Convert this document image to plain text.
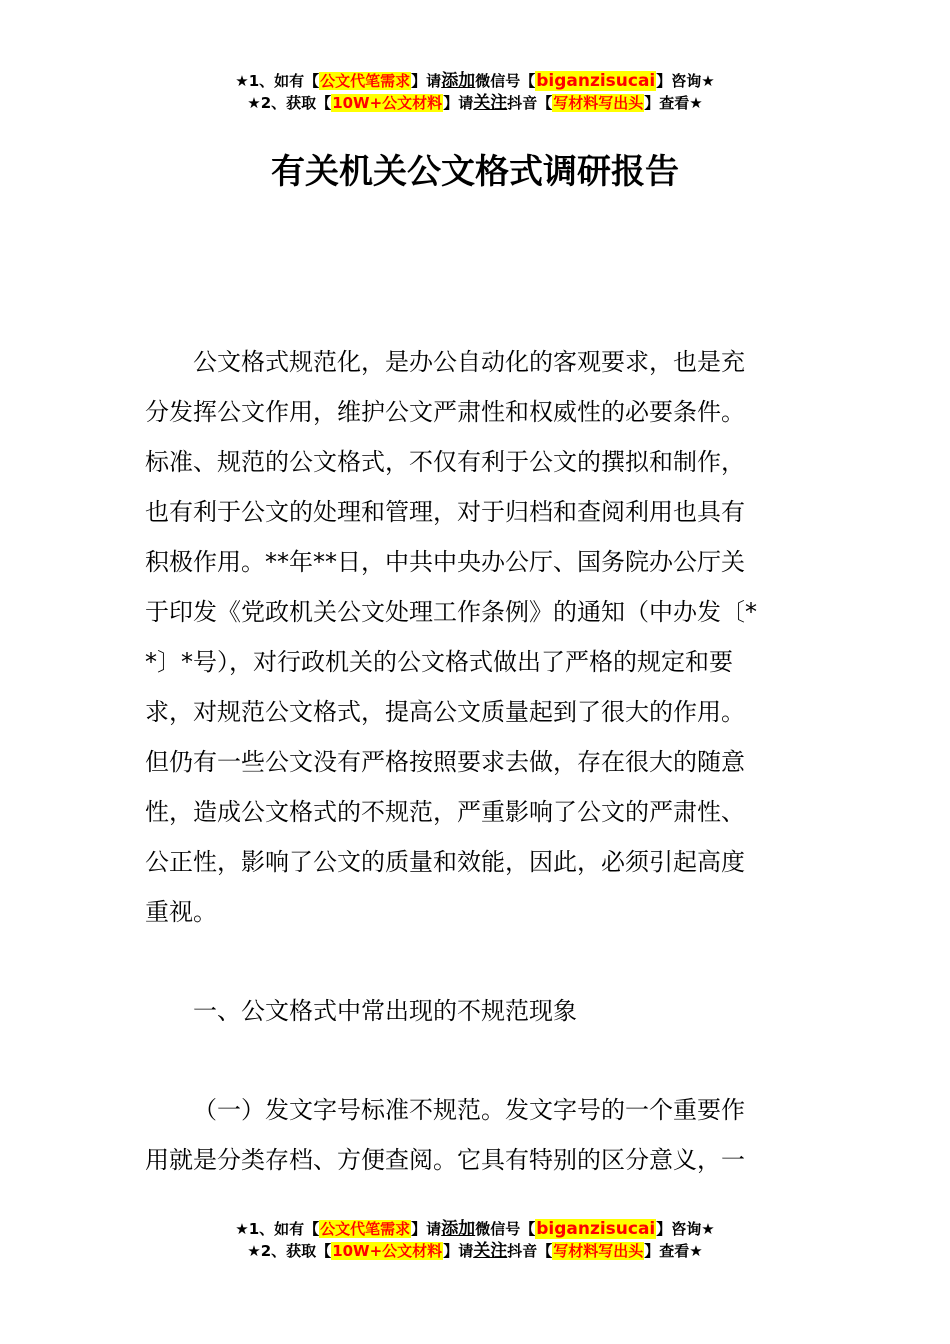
★1、如有【公文代笔需求】请添加微信号【biganzisucai】咨询★
★2、获取【10W+公文材料】请关注抖音【写材料写出头】查看★
有关机关公文格式调研报告
公文格式规范化，是办公自动化的客观要求，也是充
分发挥公文作用，维护公文严肃性和权威性的必要条件。
标准、规范的公文格式，不仅有利于公文的撰拟和制作，
也有利于公文的处理和管理，对于归档和查阅利用也具有
积极作用。**年**日，中共中央办公厅、国务院办公厅关
于印发《党政机关公文处理工作条例》的通知（中办发〔*
*〕*号），对行政机关的公文格式做出了严格的规定和要
求，对规范公文格式，提高公文质量起到了很大的作用。
但仍有一些公文没有严格按照要求去做，存在很大的随意
性，造成公文格式的不规范，严重影响了公文的严肃性、
公正性，影响了公文的质量和效能，因此，必须引起高度
重视。
一、公文格式中常出现的不规范现象
（一）发文字号标准不规范。发文字号的一个重要作
用就是分类存档、方便查阅。它具有特别的区分意义，一
★1、如有【公文代笔需求】请添加微信号【biganzisucai】咨询★
★2、获取【10W+公文材料】请关注抖音【写材料写出头】查看★
